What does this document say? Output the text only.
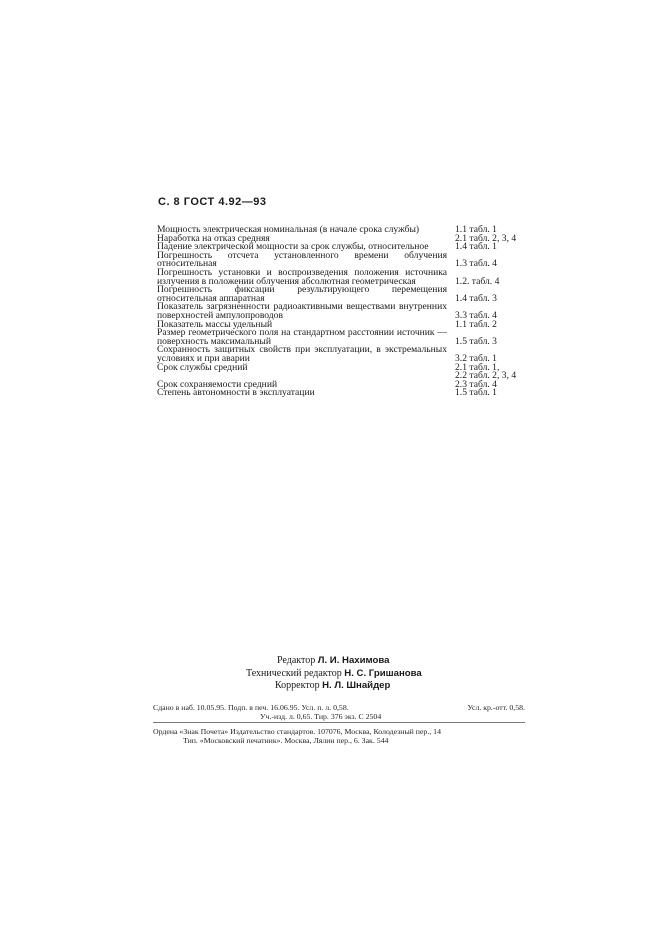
С. 8 ГОСТ 4.92—93
Мощность электрическая номинальная (в начале срока службы)	1.1 табл. 1
Наработка на отказ средняя	2.1 табл. 2, 3, 4
Падение электрической мощности за срок службы, относительное	1.4 табл. 1
Погрешность отсчета установленного времени облучения относительная	1.3 табл. 4
Погрешность установки и воспроизведения положения источника излучения в положении облучения абсолютная геометрическая	1.2. табл. 4
Погрешность фиксации результирующего перемещения относительная аппаратная	1.4 табл. 3
Показатель загрязненности радиоактивными веществами внутренних поверхностей ампулопроводов	3.3 табл. 4
Показатель массы удельный	1.1 табл. 2
Размер геометрического поля на стандартном расстоянии источник — поверхность максимальный	1.5 табл. 3
Сохранность защитных свойств при эксплуатации, в экстремальных условиях и при аварии	3.2 табл. 1
Срок службы средний	2.1 табл. 1,
2.2 табл. 2, 3, 4
Срок сохраняемости средний	2.3 табл. 4
Степень автономности в эксплуатации	1.5 табл. 1
Редактор Л. И. Нахимова
Технический редактор Н. С. Гришанова
Корректор Н. Л. Шнайдер
Сдано в наб. 10.05.95. Подп. в печ. 16.06.95. Усл. п. л. 0,58.	Усл. кр.-отт. 0,58.
Уч.-изд. л. 0,65. Тир. 376 экз. С 2504
Ордена «Знак Почета» Издательство стандартов. 107076, Москва, Колодезный пер., 14
Тип. «Московский печатник». Москва, Лялин пер., 6. Зак. 544
